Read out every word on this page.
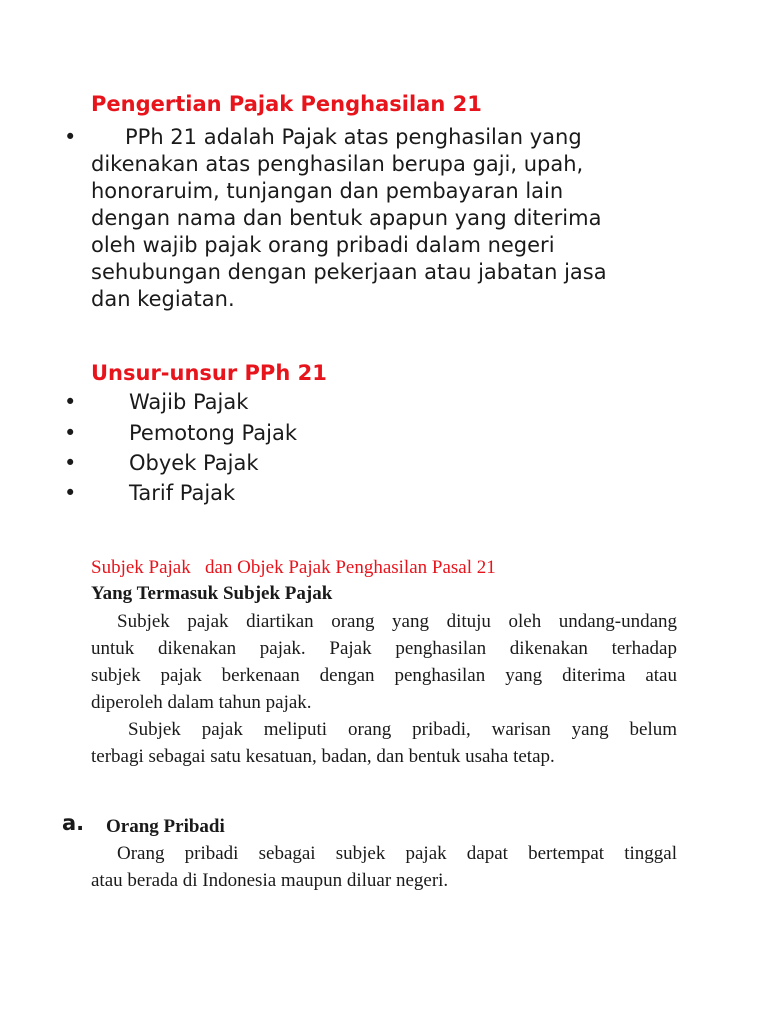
Pengertian Pajak Penghasilan 21
• PPh 21 adalah Pajak atas penghasilan yang
dikenakan atas penghasilan berupa gaji, upah,
honoraruim, tunjangan dan pembayaran lain
dengan nama dan bentuk apapun yang diterima
oleh wajib pajak orang pribadi dalam negeri
sehubungan dengan pekerjaan atau jabatan jasa
dan kegiatan.
Unsur-unsur PPh 21
•	Wajib Pajak
•	Pemotong Pajak
•	Obyek Pajak
•	Tarif Pajak
Subjek Pajak   dan Objek Pajak Penghasilan Pasal 21
Yang Termasuk Subjek Pajak
Subjek pajak diartikan orang yang dituju oleh undang-undang
untuk dikenakan pajak. Pajak penghasilan dikenakan terhadap
subjek pajak berkenaan dengan penghasilan yang diterima atau
diperoleh dalam tahun pajak.
Subjek pajak meliputi orang pribadi, warisan yang belum
terbagi sebagai satu kesatuan, badan, dan bentuk usaha tetap.
a. Orang Pribadi
Orang pribadi sebagai subjek pajak dapat bertempat tinggal
atau berada di Indonesia maupun diluar negeri.
